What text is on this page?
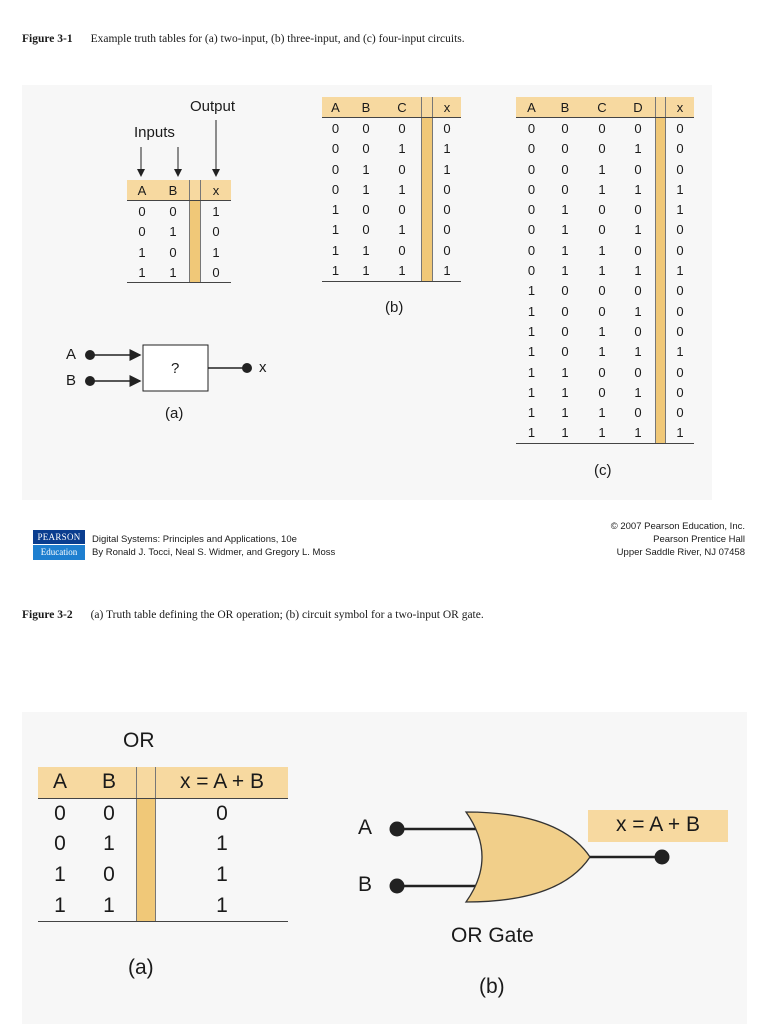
Figure 3-1 Example truth tables for (a) two-input, (b) three-input, and (c) four-input circuits.
Output
Inputs
A	B		x
0	0		1
0	1		0
1	0		1
1	1		0
A
B
?	x
(a)
A	B	C		x
0	0	0		0
0	0	1		1
0	1	0		1
0	1	1		0
1	0	0		0
1	0	1		0
1	1	0		0
1	1	1		1
(b)
A	B	C	D		x
0	0	0	0		0
0	0	0	1		0
0	0	1	0		0
0	0	1	1		1
0	1	0	0		1
0	1	0	1		0
0	1	1	0		0
0	1	1	1		1
1	0	0	0		0
1	0	0	1		0
1	0	1	0		0
1	0	1	1		1
1	1	0	0		0
1	1	0	1		0
1	1	1	0		0
1	1	1	1		1
(c)
PEARSON
Education
Digital Systems: Principles and Applications, 10e
By Ronald J. Tocci, Neal S. Widmer, and Gregory L. Moss
© 2007 Pearson Education, Inc.
Pearson Prentice Hall
Upper Saddle River, NJ 07458
Figure 3-2 (a) Truth table defining the OR operation; (b) circuit symbol for a two-input OR gate.
OR
A	B		x = A + B
0	0		0
0	1		1
1	0		1
1	1		1
(a)
A
B
x = A + B
OR Gate
(b)
